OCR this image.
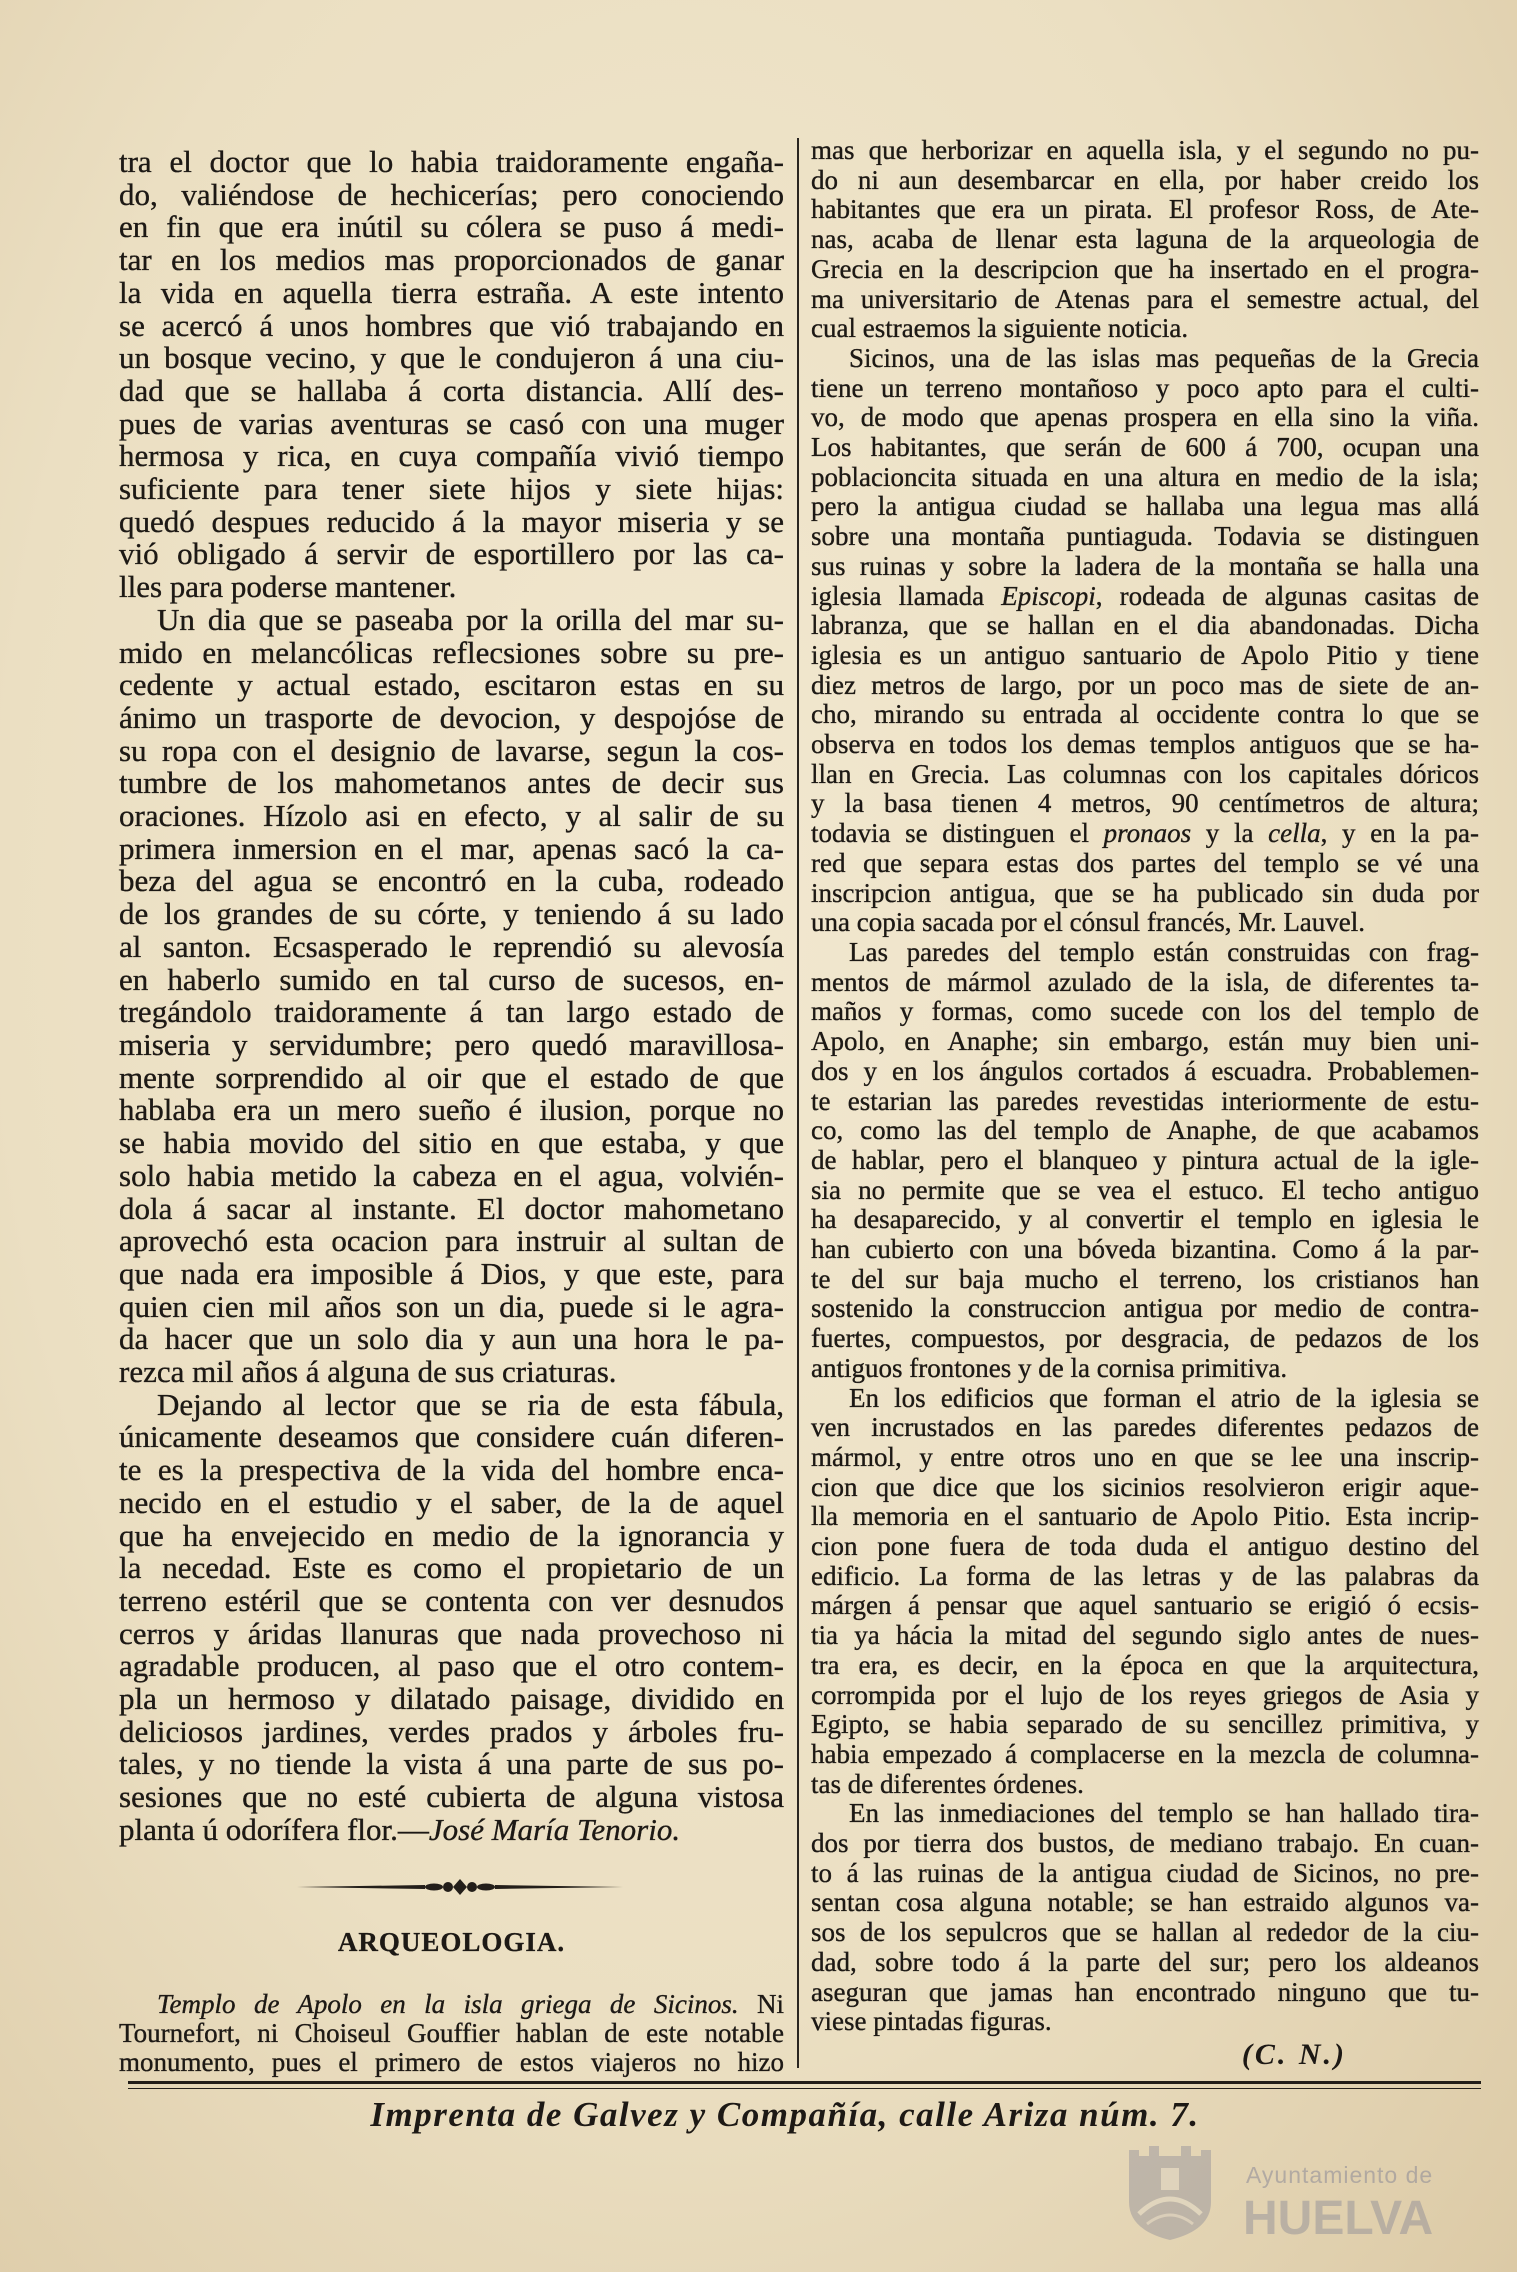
tra el doctor que lo habia traidoramente engaña-
do, valiéndose de hechicerías; pero conociendo
en fin que era inútil su cólera se puso á medi-
tar en los medios mas proporcionados de ganar
la vida en aquella tierra estraña. A este intento
se acercó á unos hombres que vió trabajando en
un bosque vecino, y que le condujeron á una ciu-
dad que se hallaba á corta distancia. Allí des-
pues de varias aventuras se casó con una muger
hermosa y rica, en cuya compañía vivió tiempo
suficiente para tener siete hijos y siete hijas:
quedó despues reducido á la mayor miseria y se
vió obligado á servir de esportillero por las ca-
lles para poderse mantener.
Un dia que se paseaba por la orilla del mar su-
mido en melancólicas reflecsiones sobre su pre-
cedente y actual estado, escitaron estas en su
ánimo un trasporte de devocion, y despojóse de
su ropa con el designio de lavarse, segun la cos-
tumbre de los mahometanos antes de decir sus
oraciones. Hízolo asi en efecto, y al salir de su
primera inmersion en el mar, apenas sacó la ca-
beza del agua se encontró en la cuba, rodeado
de los grandes de su córte, y teniendo á su lado
al santon. Ecsasperado le reprendió su alevosía
en haberlo sumido en tal curso de sucesos, en-
tregándolo traidoramente á tan largo estado de
miseria y servidumbre; pero quedó maravillosa-
mente sorprendido al oir que el estado de que
hablaba era un mero sueño é ilusion, porque no
se habia movido del sitio en que estaba, y que
solo habia metido la cabeza en el agua, volvién-
dola á sacar al instante. El doctor mahometano
aprovechó esta ocacion para instruir al sultan de
que nada era imposible á Dios, y que este, para
quien cien mil años son un dia, puede si le agra-
da hacer que un solo dia y aun una hora le pa-
rezca mil años á alguna de sus criaturas.
Dejando al lector que se ria de esta fábula,
únicamente deseamos que considere cuán diferen-
te es la prespectiva de la vida del hombre enca-
necido en el estudio y el saber, de la de aquel
que ha envejecido en medio de la ignorancia y
la necedad. Este es como el propietario de un
terreno estéril que se contenta con ver desnudos
cerros y áridas llanuras que nada provechoso ni
agradable producen, al paso que el otro contem-
pla un hermoso y dilatado paisage, dividido en
deliciosos jardines, verdes prados y árboles fru-
tales, y no tiende la vista á una parte de sus po-
sesiones que no esté cubierta de alguna vistosa
planta ú odorífera flor.—José María Tenorio.
ARQUEOLOGIA.
Templo de Apolo en la isla griega de Sicinos. Ni
Tournefort, ni Choiseul Gouffier hablan de este notable
monumento, pues el primero de estos viajeros no hizo
mas que herborizar en aquella isla, y el segundo no pu-
do ni aun desembarcar en ella, por haber creido los
habitantes que era un pirata. El profesor Ross, de Ate-
nas, acaba de llenar esta laguna de la arqueologia de
Grecia en la descripcion que ha insertado en el progra-
ma universitario de Atenas para el semestre actual, del
cual estraemos la siguiente noticia.
Sicinos, una de las islas mas pequeñas de la Grecia
tiene un terreno montañoso y poco apto para el culti-
vo, de modo que apenas prospera en ella sino la viña.
Los habitantes, que serán de 600 á 700, ocupan una
poblacioncita situada en una altura en medio de la isla;
pero la antigua ciudad se hallaba una legua mas allá
sobre una montaña puntiaguda. Todavia se distinguen
sus ruinas y sobre la ladera de la montaña se halla una
iglesia llamada Episcopi, rodeada de algunas casitas de
labranza, que se hallan en el dia abandonadas. Dicha
iglesia es un antiguo santuario de Apolo Pitio y tiene
diez metros de largo, por un poco mas de siete de an-
cho, mirando su entrada al occidente contra lo que se
observa en todos los demas templos antiguos que se ha-
llan en Grecia. Las columnas con los capitales dóricos
y la basa tienen 4 metros, 90 centímetros de altura;
todavia se distinguen el pronaos y la cella, y en la pa-
red que separa estas dos partes del templo se vé una
inscripcion antigua, que se ha publicado sin duda por
una copia sacada por el cónsul francés, Mr. Lauvel.
Las paredes del templo están construidas con frag-
mentos de mármol azulado de la isla, de diferentes ta-
maños y formas, como sucede con los del templo de
Apolo, en Anaphe; sin embargo, están muy bien uni-
dos y en los ángulos cortados á escuadra. Probablemen-
te estarian las paredes revestidas interiormente de estu-
co, como las del templo de Anaphe, de que acabamos
de hablar, pero el blanqueo y pintura actual de la igle-
sia no permite que se vea el estuco. El techo antiguo
ha desaparecido, y al convertir el templo en iglesia le
han cubierto con una bóveda bizantina. Como á la par-
te del sur baja mucho el terreno, los cristianos han
sostenido la construccion antigua por medio de contra-
fuertes, compuestos, por desgracia, de pedazos de los
antiguos frontones y de la cornisa primitiva.
En los edificios que forman el atrio de la iglesia se
ven incrustados en las paredes diferentes pedazos de
mármol, y entre otros uno en que se lee una inscrip-
cion que dice que los sicinios resolvieron erigir aque-
lla memoria en el santuario de Apolo Pitio. Esta incrip-
cion pone fuera de toda duda el antiguo destino del
edificio. La forma de las letras y de las palabras da
márgen á pensar que aquel santuario se erigió ó ecsis-
tia ya hácia la mitad del segundo siglo antes de nues-
tra era, es decir, en la época en que la arquitectura,
corrompida por el lujo de los reyes griegos de Asia y
Egipto, se habia separado de su sencillez primitiva, y
habia empezado á complacerse en la mezcla de columna-
tas de diferentes órdenes.
En las inmediaciones del templo se han hallado tira-
dos por tierra dos bustos, de mediano trabajo. En cuan-
to á las ruinas de la antigua ciudad de Sicinos, no pre-
sentan cosa alguna notable; se han estraido algunos va-
sos de los sepulcros que se hallan al rededor de la ciu-
dad, sobre todo á la parte del sur; pero los aldeanos
aseguran que jamas han encontrado ninguno que tu-
viese pintadas figuras.
(C. N.)
Imprenta de Galvez y Compañía, calle Ariza núm. 7.
Ayuntamiento de
HUELVA
